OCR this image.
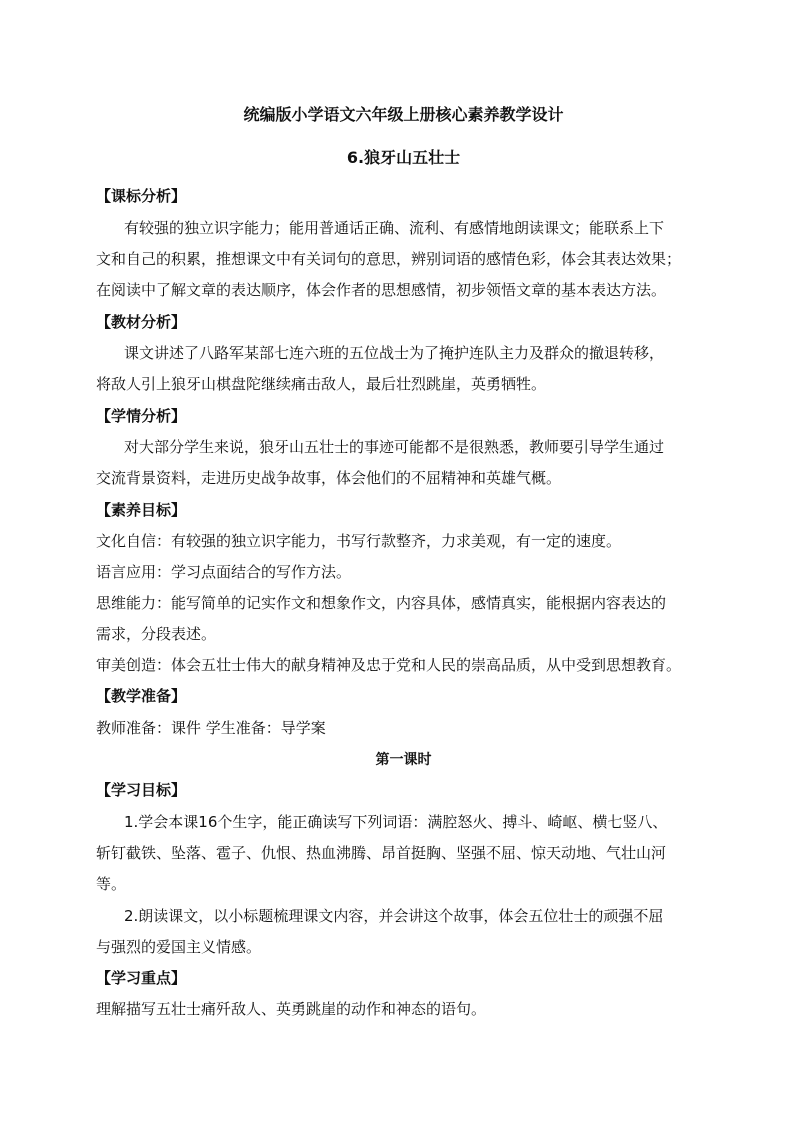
统编版小学语文六年级上册核心素养教学设计
6.狼牙山五壮士
【课标分析】
有较强的独立识字能力；能用普通话正确、流利、有感情地朗读课文；能联系上下
文和自己的积累，推想课文中有关词句的意思，辨别词语的感情色彩，体会其表达效果；
在阅读中了解文章的表达顺序，体会作者的思想感情，初步领悟文章的基本表达方法。
【教材分析】
课文讲述了八路军某部七连六班的五位战士为了掩护连队主力及群众的撤退转移，
将敌人引上狼牙山棋盘陀继续痛击敌人，最后壮烈跳崖，英勇牺牲。
【学情分析】
对大部分学生来说，狼牙山五壮士的事迹可能都不是很熟悉，教师要引导学生通过
交流背景资料，走进历史战争故事，体会他们的不屈精神和英雄气概。
【素养目标】
文化自信：有较强的独立识字能力，书写行款整齐，力求美观，有一定的速度。
语言应用：学习点面结合的写作方法。
思维能力：能写简单的记实作文和想象作文，内容具体，感情真实，能根据内容表达的
需求，分段表述。
审美创造：体会五壮士伟大的献身精神及忠于党和人民的崇高品质，从中受到思想教育。
【教学准备】
教师准备：课件 学生准备：导学案
第一课时
【学习目标】
1.学会本课16个生字，能正确读写下列词语：满腔怒火、搏斗、崎岖、横七竖八、
斩钉截铁、坠落、雹子、仇恨、热血沸腾、昂首挺胸、坚强不屈、惊天动地、气壮山河
等。
2.朗读课文，以小标题梳理课文内容，并会讲这个故事，体会五位壮士的顽强不屈
与强烈的爱国主义情感。
【学习重点】
理解描写五壮士痛歼敌人、英勇跳崖的动作和神态的语句。
